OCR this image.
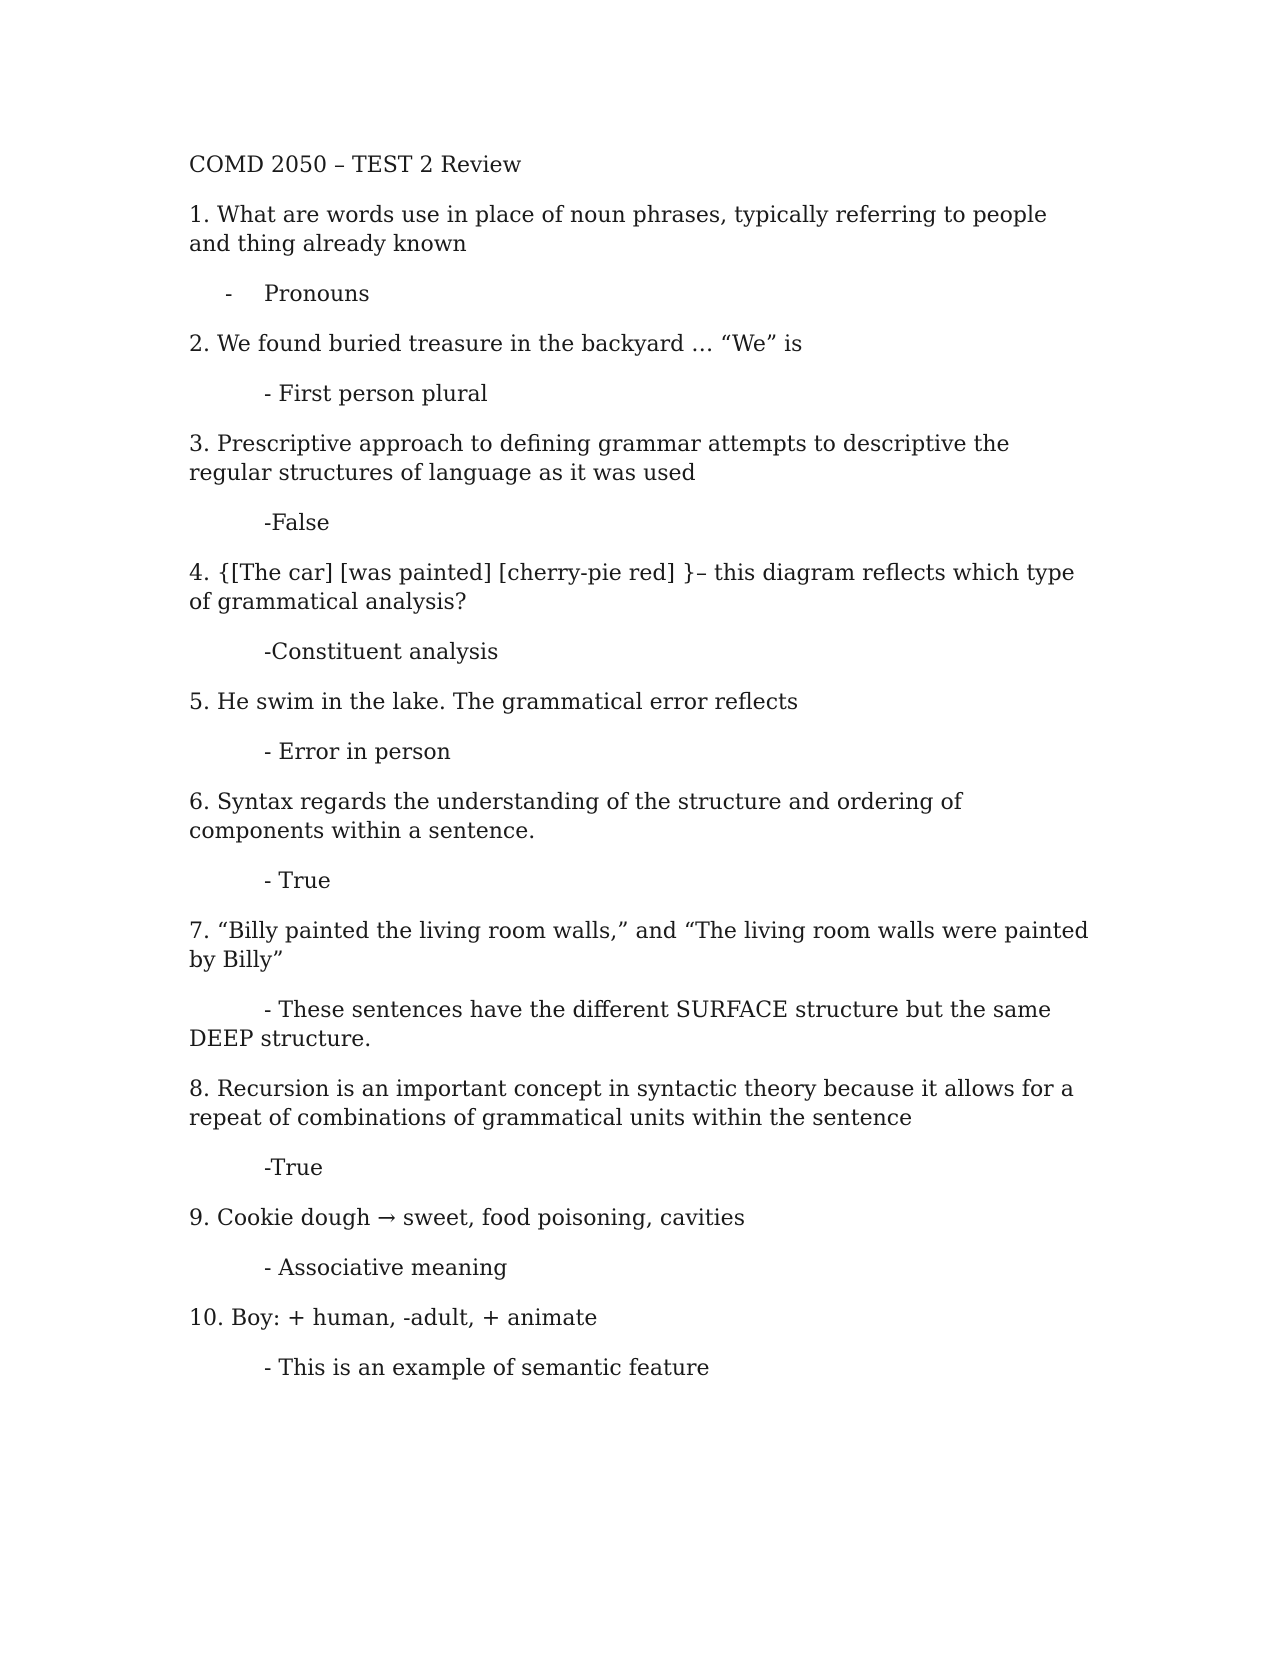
COMD 2050 – TEST 2 Review
1. What are words use in place of noun phrases, typically referring to people and thing already known
-	Pronouns
2. We found buried treasure in the backyard … “We” is
- First person plural
3. Prescriptive approach to defining grammar attempts to descriptive the regular structures of language as it was used
-False
4. {[The car] [was painted] [cherry-pie red] }– this diagram reflects which type of grammatical analysis?
-Constituent analysis
5. He swim in the lake. The grammatical error reflects
- Error in person
6. Syntax regards the understanding of the structure and ordering of components within a sentence.
- True
7. “Billy painted the living room walls,” and “The living room walls were painted by Billy”
- These sentences have the different SURFACE structure but the same DEEP structure.
8. Recursion is an important concept in syntactic theory because it allows for a repeat of combinations of grammatical units within the sentence
-True
9. Cookie dough → sweet, food poisoning, cavities
- Associative meaning
10. Boy: + human, -adult, + animate
- This is an example of semantic feature
